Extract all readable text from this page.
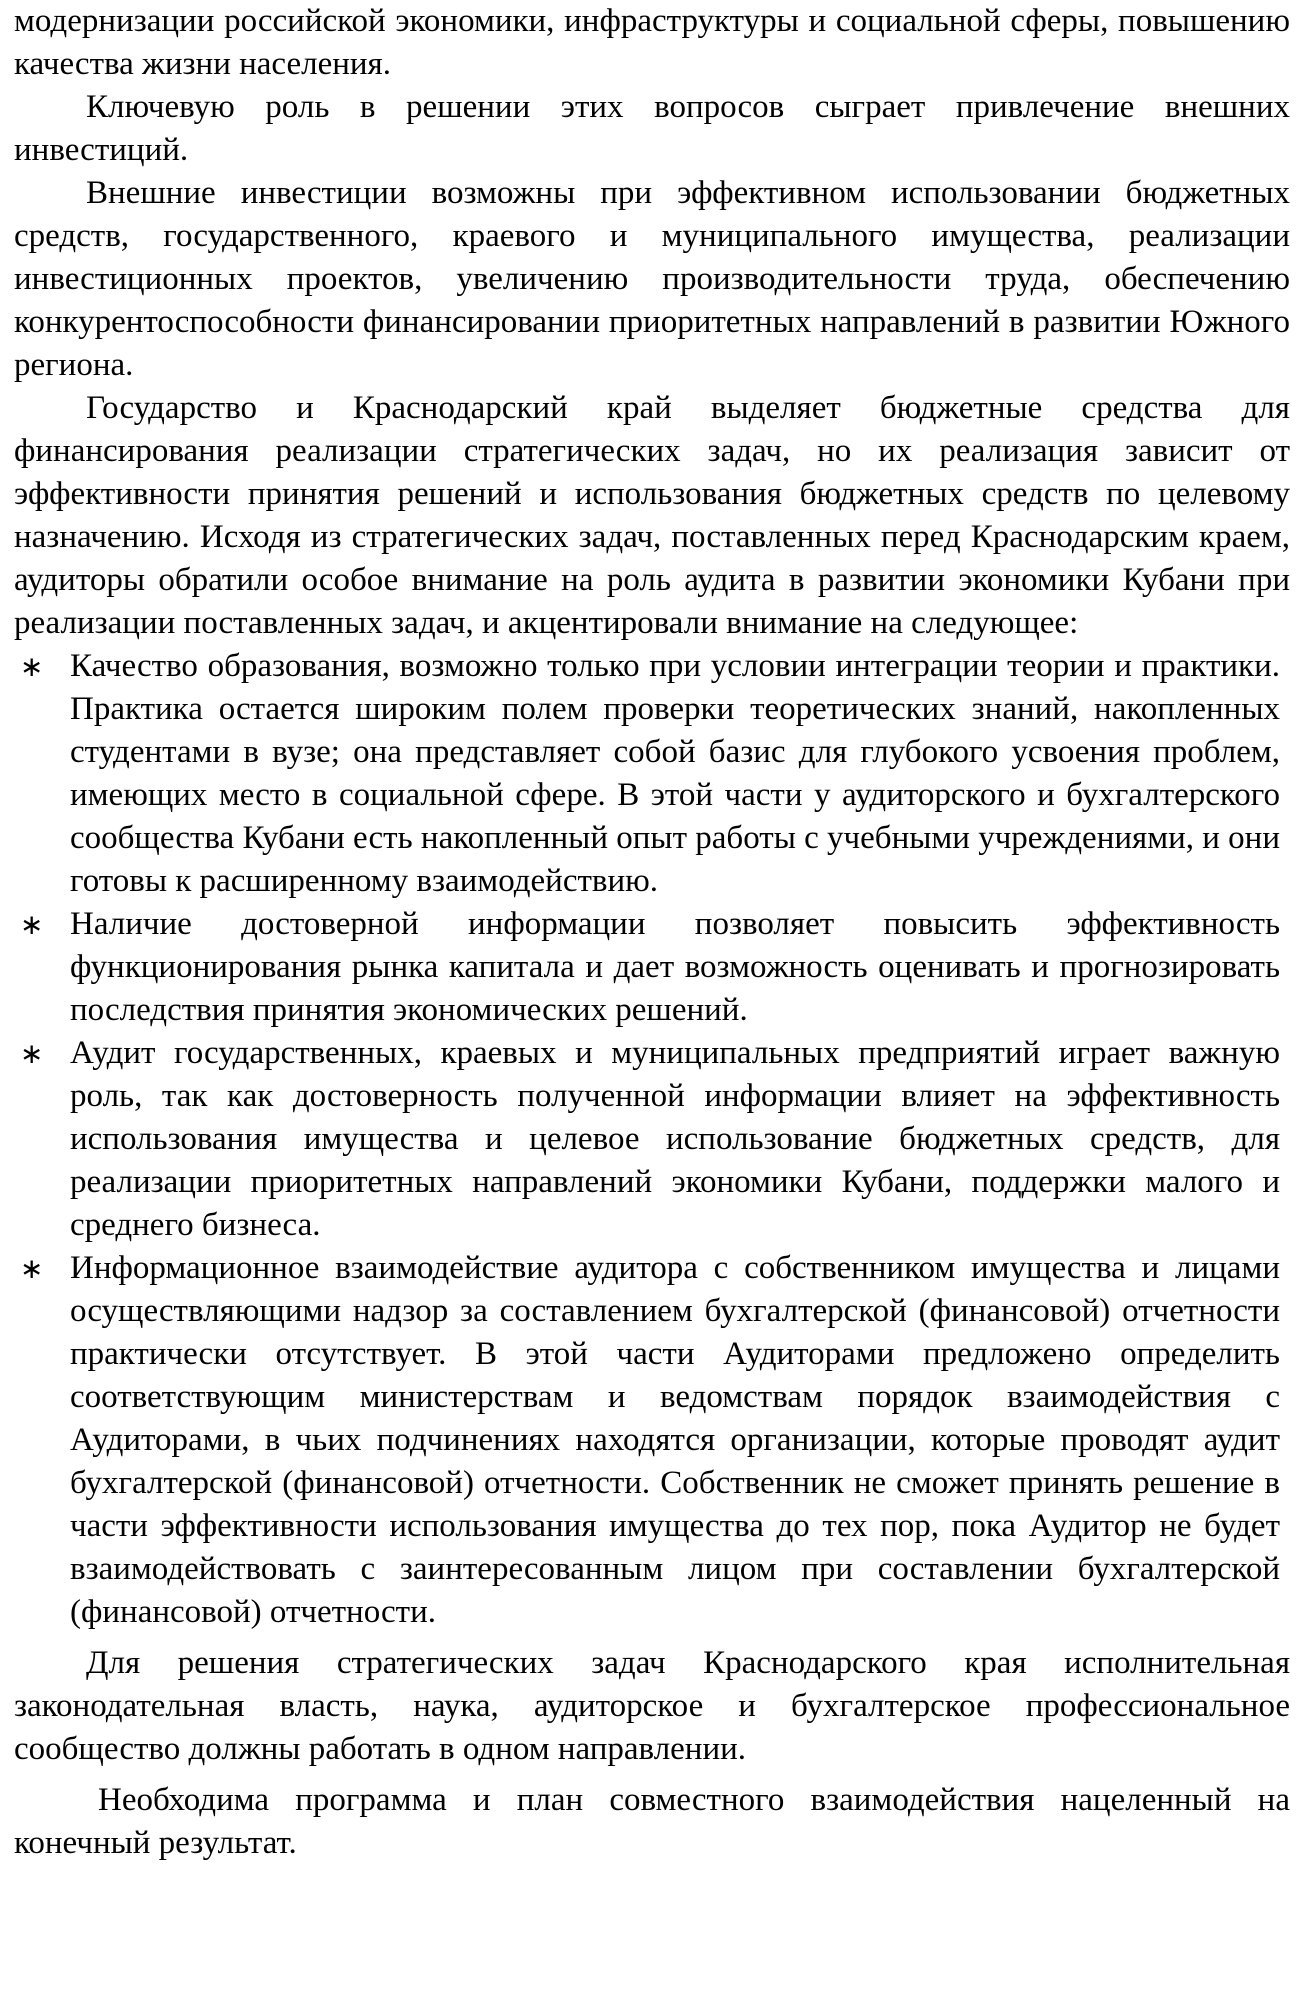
модернизации российской экономики, инфраструктуры и социальной сферы, повышению качества жизни населения.

Ключевую роль в решении этих вопросов сыграет привлечение внешних инвестиций.

Внешние инвестиции возможны при эффективном использовании бюджетных средств, государственного, краевого и муниципального имущества, реализации инвестиционных проектов, увеличению производительности труда, обеспечению конкурентоспособности финансировании приоритетных направлений в развитии Южного региона.

Государство и Краснодарский край выделяет бюджетные средства для финансирования реализации стратегических задач, но их реализация зависит от эффективности принятия решений и использования бюджетных средств по целевому назначению. Исходя из стратегических задач, поставленных перед Краснодарским краем, аудиторы обратили особое внимание на роль аудита в развитии экономики Кубани при реализации поставленных задач, и акцентировали внимание на следующее:

∗ Качество образования, возможно только при условии интеграции теории и практики. Практика остается широким полем проверки теоретических знаний, накопленных студентами в вузе; она представляет собой базис для глубокого усвоения проблем, имеющих место в социальной сфере. В этой части у аудиторского и бухгалтерского сообщества Кубани есть накопленный опыт работы с учебными учреждениями, и они готовы к расширенному взаимодействию.
∗ Наличие достоверной информации позволяет повысить эффективность функционирования рынка капитала и дает возможность оценивать и прогнозировать последствия принятия экономических решений.
∗ Аудит государственных, краевых и муниципальных предприятий играет важную роль, так как достоверность полученной информации влияет на эффективность использования имущества и целевое использование бюджетных средств, для реализации приоритетных направлений экономики Кубани, поддержки малого и среднего бизнеса.
∗ Информационное взаимодействие аудитора с собственником имущества и лицами осуществляющими надзор за составлением бухгалтерской (финансовой) отчетности практически отсутствует. В этой части Аудиторами предложено определить соответствующим министерствам и ведомствам порядок взаимодействия с Аудиторами, в чьих подчинениях находятся организации, которые проводят аудит бухгалтерской (финансовой) отчетности. Собственник не сможет принять решение в части эффективности использования имущества до тех пор, пока Аудитор не будет взаимодействовать с заинтересованным лицом при составлении бухгалтерской (финансовой) отчетности.

Для решения стратегических задач Краснодарского края исполнительная законодательная власть, наука, аудиторское и бухгалтерское профессиональное сообщество должны работать в одном направлении.

Необходима программа и план совместного взаимодействия нацеленный на конечный результат.
